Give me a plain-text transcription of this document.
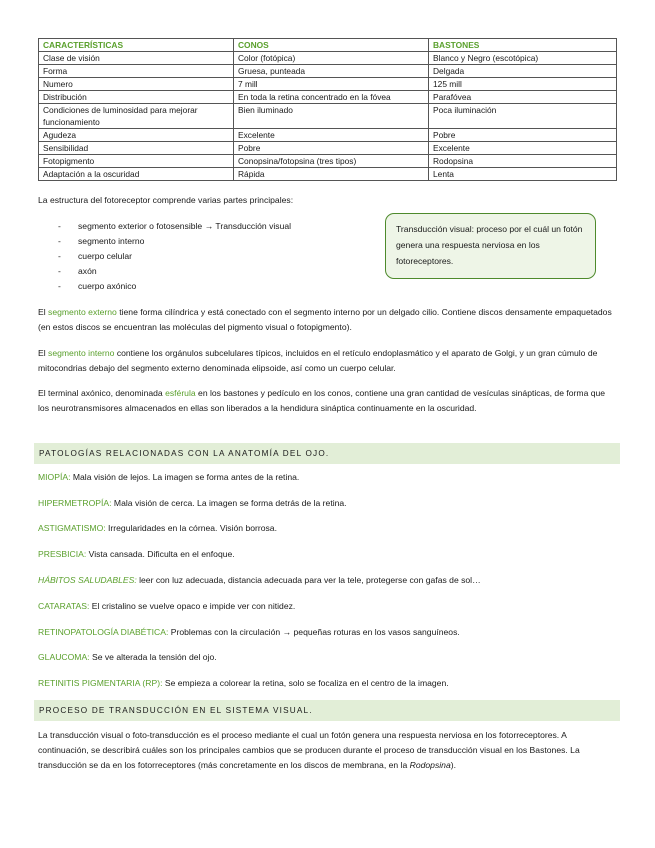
CARACTERÍSTICAS	CONOS	BASTONES
Clase de visión	Color (fotópica)	Blanco y Negro (escotópica)
Forma	Gruesa, punteada	Delgada
Numero	7 mill	125 mill
Distribución	En toda la retina concentrado en la fóvea	Parafóvea
Condiciones de luminosidad para mejorar funcionamiento	Bien iluminado	Poca iluminación
Agudeza	Excelente	Pobre
Sensibilidad	Pobre	Excelente
Fotopigmento	Conopsina/fotopsina (tres tipos)	Rodopsina
Adaptación a la oscuridad	Rápida	Lenta

La estructura del fotoreceptor comprende varias partes principales:

- segmento exterior o fotosensible → Transducción visual
- segmento interno
- cuerpo celular
- axón
- cuerpo axónico
Transducción visual: proceso por el cuál un fotón genera una respuesta nerviosa en los fotoreceptores.

El segmento externo tiene forma cilíndrica y está conectado con el segmento interno por un delgado cilio. Contiene discos densamente empaquetados (en estos discos se encuentran las moléculas del pigmento visual o fotopigmento).

El segmento interno contiene los orgánulos subcelulares típicos, incluidos en el retículo endoplasmático y el aparato de Golgi, y un gran cúmulo de mitocondrias debajo del segmento externo denominada elipsoide, así como un cuerpo celular.

El terminal axónico, denominada esférula en los bastones y pedículo en los conos, contiene una gran cantidad de vesículas sinápticas, de forma que los neurotransmisores almacenados en ellas son liberados a la hendidura sináptica continuamente en la oscuridad.

PATOLOGÍAS RELACIONADAS CON LA ANATOMÍA DEL OJO.

MIOPÍA: Mala visión de lejos. La imagen se forma antes de la retina.

HIPERMETROPÍA: Mala visión de cerca. La imagen se forma detrás de la retina.

ASTIGMATISMO: Irregularidades en la córnea. Visión borrosa.

PRESBICIA: Vista cansada. Dificulta en el enfoque.

HÁBITOS SALUDABLES: leer con luz adecuada, distancia adecuada para ver la tele, protegerse con gafas de sol…

CATARATAS: El cristalino se vuelve opaco e impide ver con nitidez.

RETINOPATOLOGÍA DIABÉTICA: Problemas con la circulación → pequeñas roturas en los vasos sanguíneos.

GLAUCOMA: Se ve alterada la tensión del ojo.

RETINITIS PIGMENTARIA (RP): Se empieza a colorear la retina, solo se focaliza en el centro de la imagen.

PROCESO DE TRANSDUCCIÓN EN EL SISTEMA VISUAL.

La transducción visual o foto-transducción es el proceso mediante el cual un fotón genera una respuesta nerviosa en los fotorreceptores. A continuación, se describirá cuáles son los principales cambios que se producen durante el proceso de transducción visual en los Bastones. La transducción se da en los fotorreceptores (más concretamente en los discos de membrana, en la Rodopsina).
